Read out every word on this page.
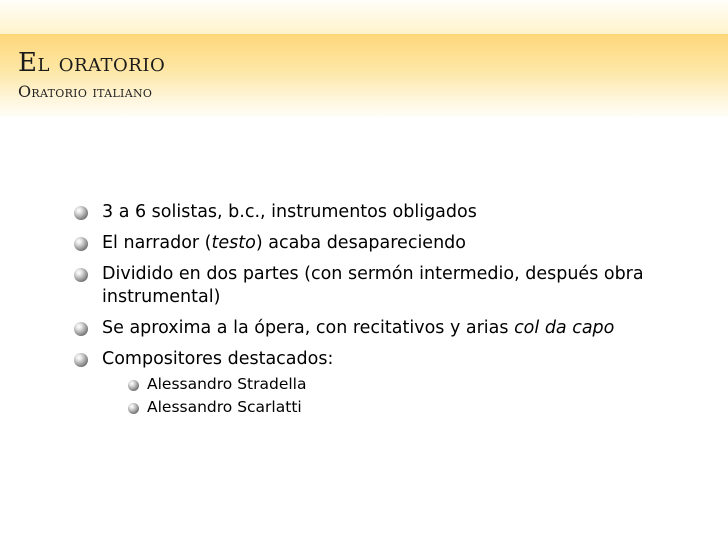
El oratorio
Oratorio italiano
3 a 6 solistas, b.c., instrumentos obligados
El narrador (testo) acaba desapareciendo
Dividido en dos partes (con sermón intermedio, después obra instrumental)
Se aproxima a la ópera, con recitativos y arias col da capo
Compositores destacados:
Alessandro Stradella
Alessandro Scarlatti
